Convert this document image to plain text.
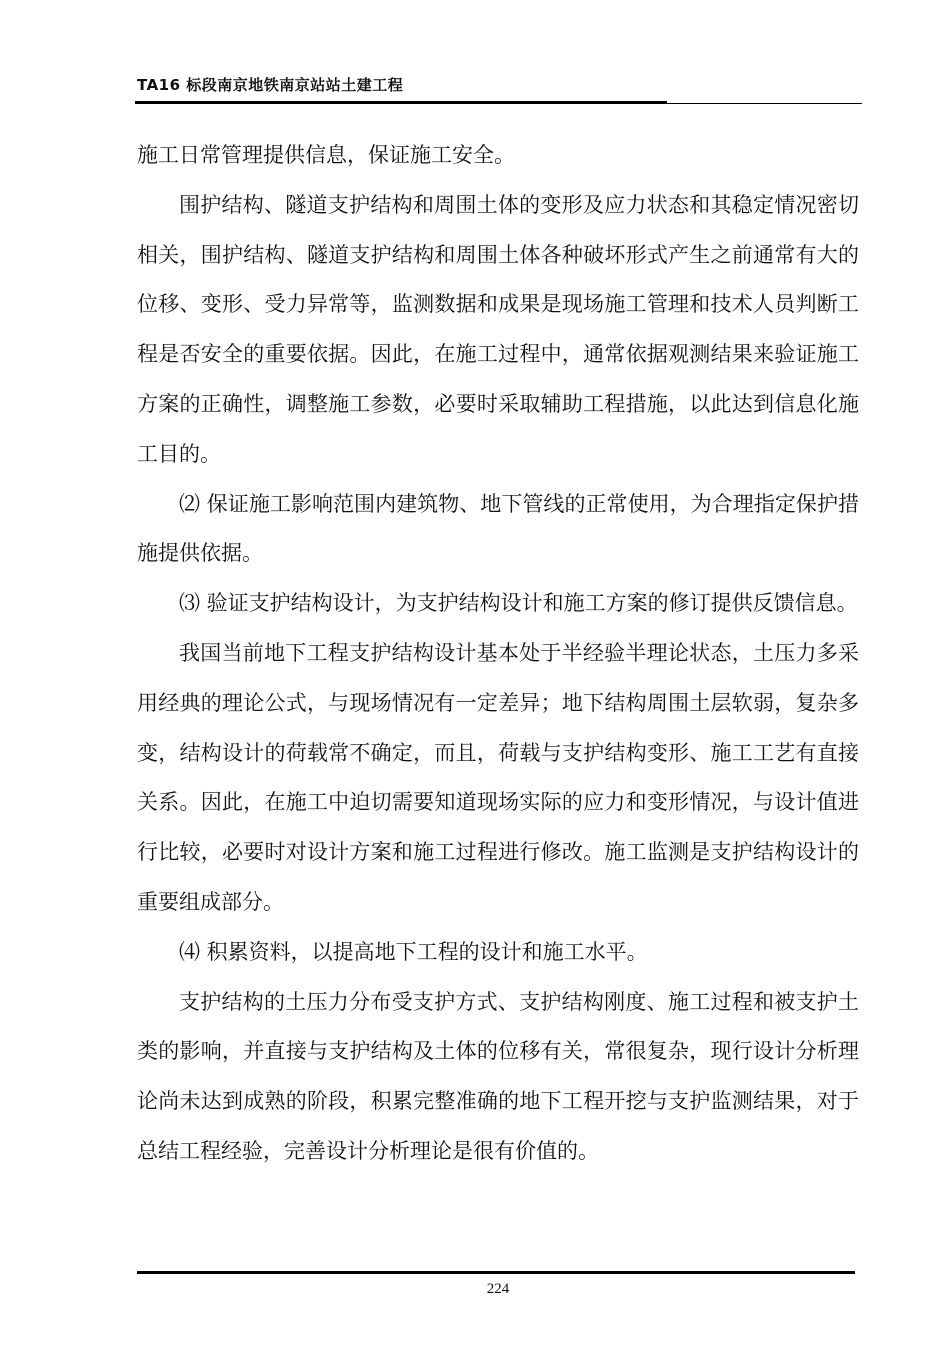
TA16 标段南京地铁南京站站土建工程

施工日常管理提供信息，保证施工安全。

围护结构、隧道支护结构和周围土体的变形及应力状态和其稳定情况密切相关，围护结构、隧道支护结构和周围土体各种破坏形式产生之前通常有大的位移、变形、受力异常等，监测数据和成果是现场施工管理和技术人员判断工程是否安全的重要依据。因此，在施工过程中，通常依据观测结果来验证施工方案的正确性，调整施工参数，必要时采取辅助工程措施，以此达到信息化施工目的。

⑵ 保证施工影响范围内建筑物、地下管线的正常使用，为合理指定保护措施提供依据。

⑶ 验证支护结构设计，为支护结构设计和施工方案的修订提供反馈信息。

我国当前地下工程支护结构设计基本处于半经验半理论状态，土压力多采用经典的理论公式，与现场情况有一定差异；地下结构周围土层软弱，复杂多变，结构设计的荷载常不确定，而且，荷载与支护结构变形、施工工艺有直接关系。因此，在施工中迫切需要知道现场实际的应力和变形情况，与设计值进行比较，必要时对设计方案和施工过程进行修改。施工监测是支护结构设计的重要组成部分。

⑷ 积累资料，以提高地下工程的设计和施工水平。

支护结构的土压力分布受支护方式、支护结构刚度、施工过程和被支护土类的影响，并直接与支护结构及土体的位移有关，常很复杂，现行设计分析理论尚未达到成熟的阶段，积累完整准确的地下工程开挖与支护监测结果，对于总结工程经验，完善设计分析理论是很有价值的。

224
